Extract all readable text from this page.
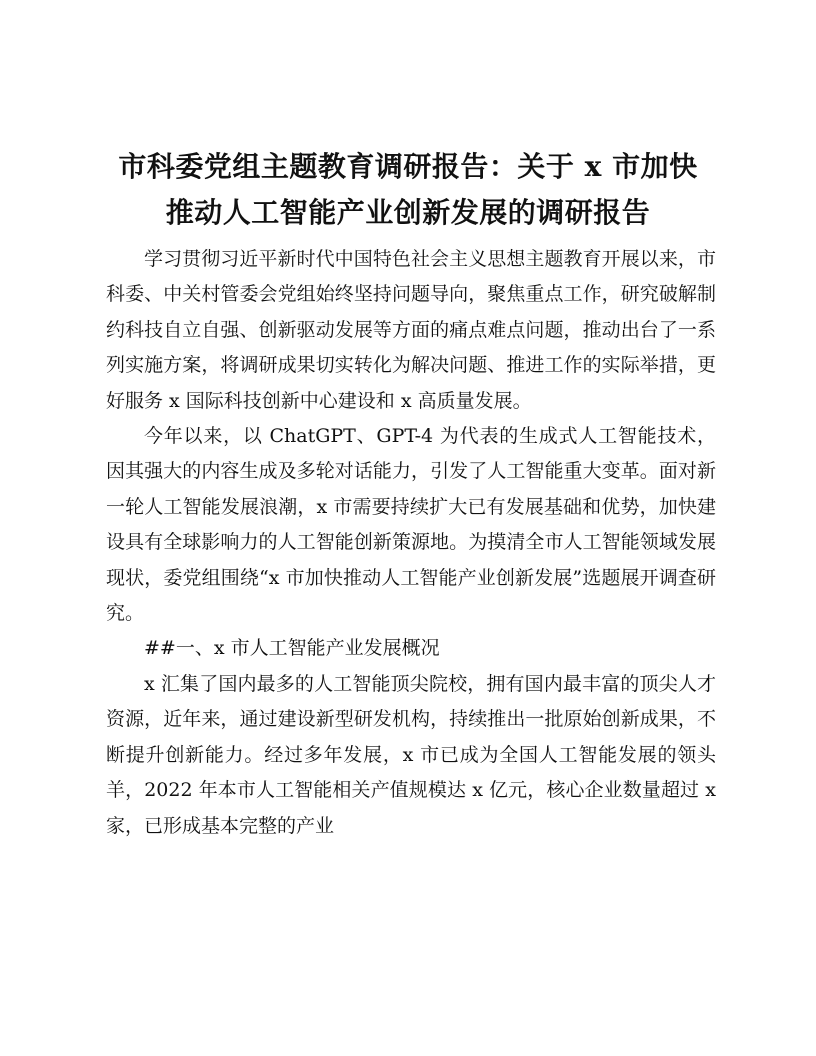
市科委党组主题教育调研报告：关于 x 市加快
推动人工智能产业创新发展的调研报告

学习贯彻习近平新时代中国特色社会主义思想主题教育开展以来，市科委、中关村管委会党组始终坚持问题导向，聚焦重点工作，研究破解制约科技自立自强、创新驱动发展等方面的痛点难点问题，推动出台了一系列实施方案，将调研成果切实转化为解决问题、推进工作的实际举措，更好服务 x 国际科技创新中心建设和 x 高质量发展。

今年以来，以 ChatGPT、GPT-4 为代表的生成式人工智能技术，因其强大的内容生成及多轮对话能力，引发了人工智能重大变革。面对新一轮人工智能发展浪潮，x 市需要持续扩大已有发展基础和优势，加快建设具有全球影响力的人工智能创新策源地。为摸清全市人工智能领域发展现状，委党组围绕“x 市加快推动人工智能产业创新发展”选题展开调查研究。

##一、x 市人工智能产业发展概况

x 汇集了国内最多的人工智能顶尖院校，拥有国内最丰富的顶尖人才资源，近年来，通过建设新型研发机构，持续推出一批原始创新成果，不断提升创新能力。经过多年发展，x 市已成为全国人工智能发展的领头羊，2022 年本市人工智能相关产值规模达 x 亿元，核心企业数量超过 x 家，已形成基本完整的产业
